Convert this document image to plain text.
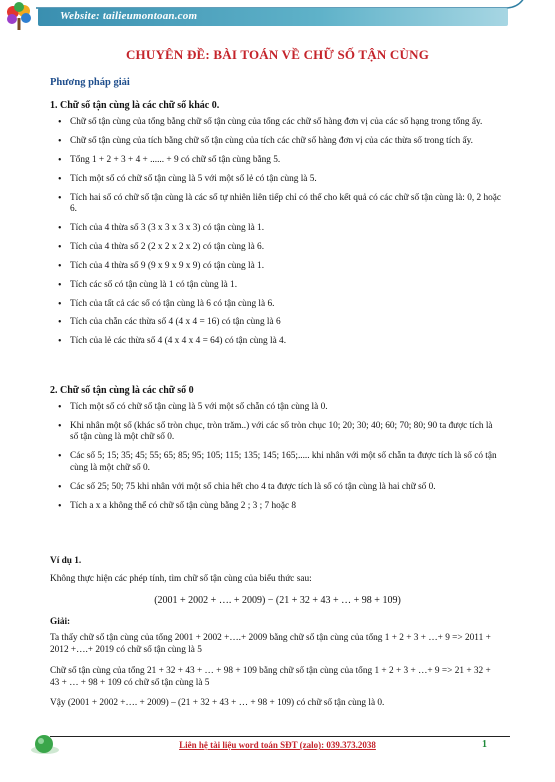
Website: tailieumontoan.com
CHUYÊN ĐỀ: BÀI TOÁN VỀ CHỮ SỐ TẬN CÙNG
Phương pháp giải
1. Chữ số tận cùng là các chữ số khác 0.
• Chữ số tận cùng của tổng bằng chữ số tận cùng của tổng các chữ số hàng đơn vị của các số hạng trong tổng ấy.
• Chữ số tận cùng của tích bằng chữ số tận cùng của tích các chữ số hàng đơn vị của các thừa số trong tích ấy.
• Tổng 1 + 2 + 3 + 4 + ...... + 9 có chữ số tận cùng bằng 5.
• Tích một số có chữ số tận cùng là 5 với một số lẻ có tận cùng là 5.
• Tích hai số có chữ số tận cùng là các số tự nhiên liên tiếp chỉ có thể cho kết quả có các chữ số tận cùng là: 0, 2 hoặc 6.
• Tích của 4 thừa số 3 (3 x 3 x 3 x 3) có tận cùng là 1.
• Tích của 4 thừa số 2 (2 x 2 x 2 x 2) có tận cùng là 6.
• Tích của 4 thừa số 9 (9 x 9 x 9 x 9) có tận cùng là 1.
• Tích các số có tận cùng là 1 có tận cùng là 1.
• Tích của tất cả các số có tận cùng là 6 có tận cùng là 6.
• Tích của chẵn các thừa số 4 (4 x 4 = 16) có tận cùng là 6
• Tích của lẻ các thừa số 4 (4 x 4 x 4 = 64) có tận cùng là 4.
2. Chữ số tận cùng là các chữ số 0
• Tích một số có chữ số tận cùng là 5 với một số chẵn có tận cùng là 0.
• Khi nhân một số (khác số tròn chục, tròn trăm..) với các số tròn chục 10; 20; 30; 40; 60; 70; 80; 90 ta được tích là số tận cùng là một chữ số 0.
• Các số 5; 15; 35; 45; 55; 65; 85; 95; 105; 115; 135; 145; 165;..... khi nhân với một số chẵn ta được tích là số có tận cùng là một chữ số 0.
• Các số 25; 50; 75 khi nhân với một số chia hết cho 4 ta được tích là số có tận cùng là hai chữ số 0.
• Tích a x a không thể có chữ số tận cùng bằng 2 ; 3 ; 7 hoặc 8
Ví dụ 1.
Không thực hiện các phép tính, tìm chữ số tận cùng của biểu thức sau:
(2001 + 2002 + …. + 2009) − (21 + 32 + 43 + … + 98 + 109)
Giải:
Ta thấy chữ số tận cùng của tổng 2001 + 2002 +….+ 2009 bằng chữ số tận cùng của tổng 1 + 2 + 3 + …+ 9 => 2011 + 2012 +….+ 2019 có chữ số tận cùng là 5
Chữ số tận cùng của tổng 21 + 32 + 43 + … + 98 + 109 bằng chữ số tận cùng của tổng 1 + 2 + 3 + …+ 9 => 21 + 32 + 43 + … + 98 + 109 có chữ số tận cùng là 5
Vậy (2001 + 2002 +…. + 2009) – (21 + 32 + 43 + … + 98 + 109) có chữ số tận cùng là 0.
Liên hệ tài liệu word toán SĐT (zalo): 039.373.2038	1
